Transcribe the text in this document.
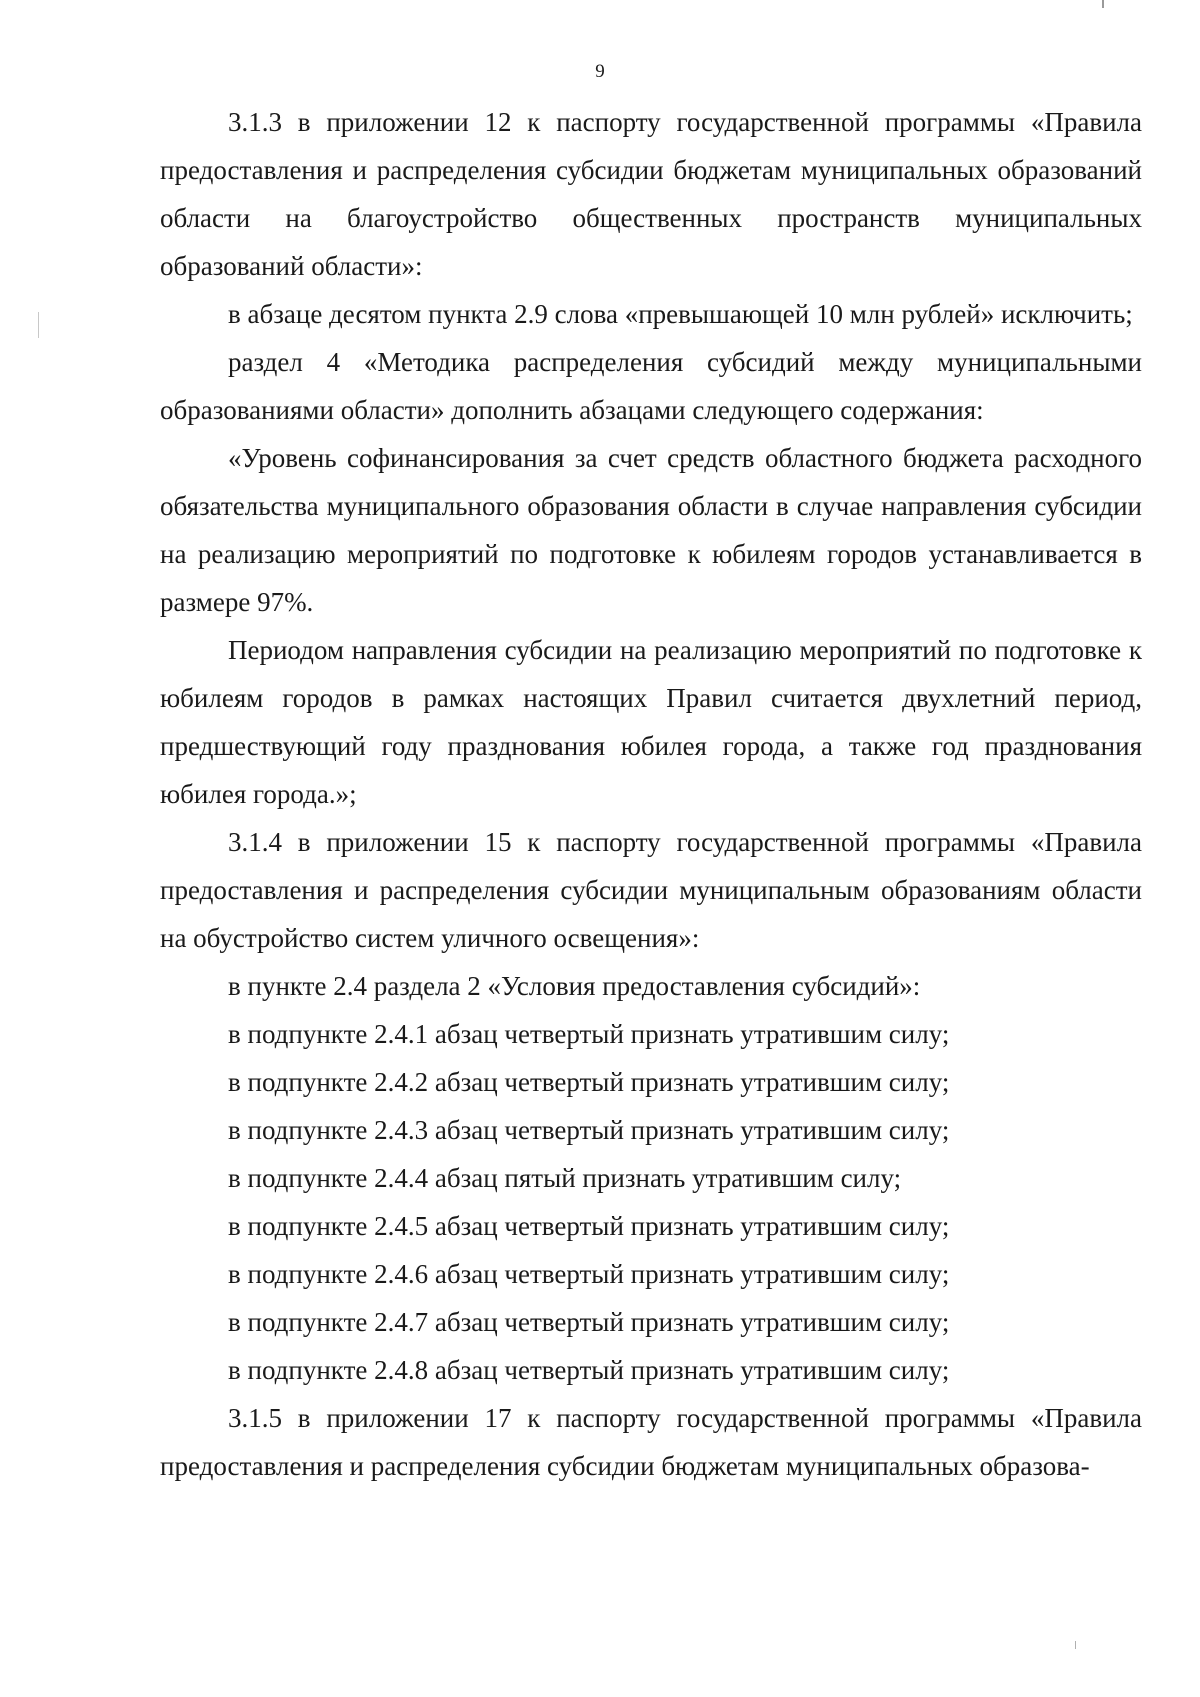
9

3.1.3 в приложении 12 к паспорту государственной программы «Правила предоставления и распределения субсидии бюджетам муниципальных образований области на благоустройство общественных пространств муниципальных образований области»:

в абзаце десятом пункта 2.9 слова «превышающей 10 млн рублей» исключить;

раздел 4 «Методика распределения субсидий между муниципальными образованиями области» дополнить абзацами следующего содержания:

«Уровень софинансирования за счет средств областного бюджета расходного обязательства муниципального образования области в случае направления субсидии на реализацию мероприятий по подготовке к юбилеям городов устанавливается в размере 97%.

Периодом направления субсидии на реализацию мероприятий по подготовке к юбилеям городов в рамках настоящих Правил считается двухлетний период, предшествующий году празднования юбилея города, а также год празднования юбилея города.»;

3.1.4 в приложении 15 к паспорту государственной программы «Правила предоставления и распределения субсидии муниципальным образованиям области на обустройство систем уличного освещения»:

в пункте 2.4 раздела 2 «Условия предоставления субсидий»:

в подпункте 2.4.1 абзац четвертый признать утратившим силу;

в подпункте 2.4.2 абзац четвертый признать утратившим силу;

в подпункте 2.4.3 абзац четвертый признать утратившим силу;

в подпункте 2.4.4 абзац пятый признать утратившим силу;

в подпункте 2.4.5 абзац четвертый признать утратившим силу;

в подпункте 2.4.6 абзац четвертый признать утратившим силу;

в подпункте 2.4.7 абзац четвертый признать утратившим силу;

в подпункте 2.4.8 абзац четвертый признать утратившим силу;

3.1.5 в приложении 17 к паспорту государственной программы «Правила предоставления и распределения субсидии бюджетам муниципальных образова-
